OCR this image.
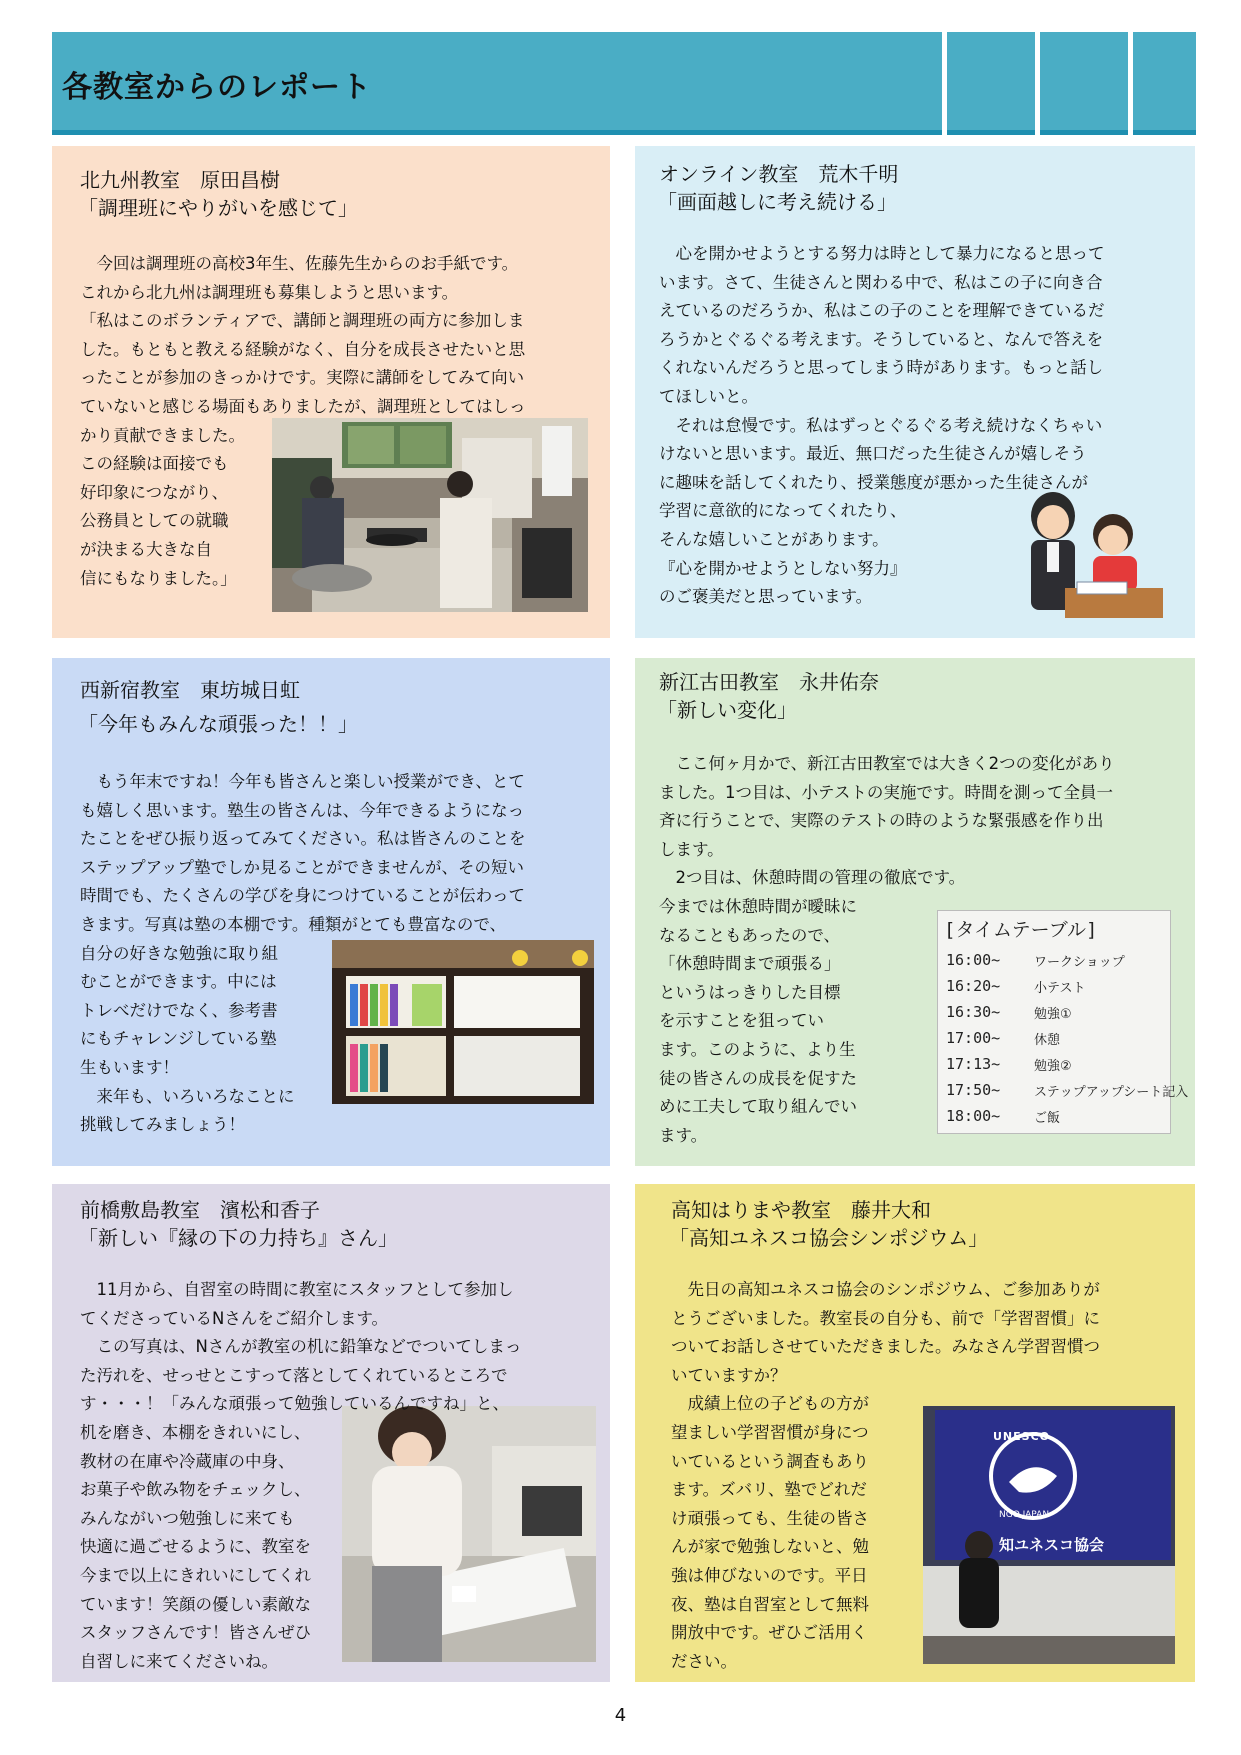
各教室からのレポート
北九州教室　原田昌樹
「調理班にやりがいを感じて」
　今回は調理班の高校3年生、佐藤先生からのお手紙です。
これから北九州は調理班も募集しようと思います。
「私はこのボランティアで、講師と調理班の両方に参加しま
した。もともと教える経験がなく、自分を成長させたいと思
ったことが参加のきっかけです。実際に講師をしてみて向い
ていないと感じる場面もありましたが、調理班としてはしっ
かり貢献できました。
この経験は面接でも
好印象につながり、
公務員としての就職
が決まる大きな自
信にもなりました。」
オンライン教室　荒木千明
「画面越しに考え続ける」
　心を開かせようとする努力は時として暴力になると思って
います。さて、生徒さんと関わる中で、私はこの子に向き合
えているのだろうか、私はこの子のことを理解できているだ
ろうかとぐるぐる考えます。そうしていると、なんで答えを
くれないんだろうと思ってしまう時があります。もっと話し
てほしいと。
　それは怠慢です。私はずっとぐるぐる考え続けなくちゃい
けないと思います。最近、無口だった生徒さんが嬉しそう
に趣味を話してくれたり、授業態度が悪かった生徒さんが
学習に意欲的になってくれたり、
そんな嬉しいことがあります。
『心を開かせようとしない努力』
のご褒美だと思っています。
西新宿教室　東坊城日虹
「今年もみんな頑張った！！」
　もう年末ですね！今年も皆さんと楽しい授業ができ、とて
も嬉しく思います。塾生の皆さんは、今年できるようになっ
たことをぜひ振り返ってみてください。私は皆さんのことを
ステップアップ塾でしか見ることができませんが、その短い
時間でも、たくさんの学びを身につけていることが伝わって
きます。写真は塾の本棚です。種類がとても豊富なので、
自分の好きな勉強に取り組
むことができます。中には
トレべだけでなく、参考書
にもチャレンジしている塾
生もいます！
　来年も、いろいろなことに
挑戦してみましょう！
新江古田教室　永井佑奈
「新しい変化」
[タイムテーブル]
16:00~	ワークショップ
16:20~	小テスト
16:30~	勉強①
17:00~	休憩
17:13~	勉強②
17:50~	ステップアップシート記入
18:00~	ご飯
　ここ何ヶ月かで、新江古田教室では大きく2つの変化があり
ました。1つ目は、小テストの実施です。時間を測って全員一
斉に行うことで、実際のテストの時のような緊張感を作り出
します。
　2つ目は、休憩時間の管理の徹底です。
今までは休憩時間が曖昧に
なることもあったので、
「休憩時間まで頑張る」
というはっきりした目標
を示すことを狙ってい
ます。このように、より生
徒の皆さんの成長を促すた
めに工夫して取り組んでい
ます。
前橋敷島教室　濱松和香子
「新しい『縁の下の力持ち』さん」
　11月から、自習室の時間に教室にスタッフとして参加し
てくださっているNさんをご紹介します。
　この写真は、Nさんが教室の机に鉛筆などでついてしまっ
た汚れを、せっせとこすって落としてくれているところで
す・・・！「みんな頑張って勉強しているんですね」と、
机を磨き、本棚をきれいにし、
教材の在庫や冷蔵庫の中身、
お菓子や飲み物をチェックし、
みんながいつ勉強しに来ても
快適に過ごせるように、教室を
今まで以上にきれいにしてくれ
ています！笑顔の優しい素敵な
スタッフさんです！皆さんぜひ
自習しに来てくださいね。
高知はりまや教室　藤井大和
「高知ユネスコ協会シンポジウム」
UNESCO
NGO JAPAN
知ユネスコ協会
　先日の高知ユネスコ協会のシンポジウム、ご参加ありが
とうございました。教室長の自分も、前で「学習習慣」に
ついてお話しさせていただきました。みなさん学習習慣つ
いていますか？
　成績上位の子どもの方が
望ましい学習習慣が身につ
いているという調査もあり
ます。ズバリ、塾でどれだ
け頑張っても、生徒の皆さ
んが家で勉強しないと、勉
強は伸びないのです。平日
夜、塾は自習室として無料
開放中です。ぜひご活用く
ださい。
4
